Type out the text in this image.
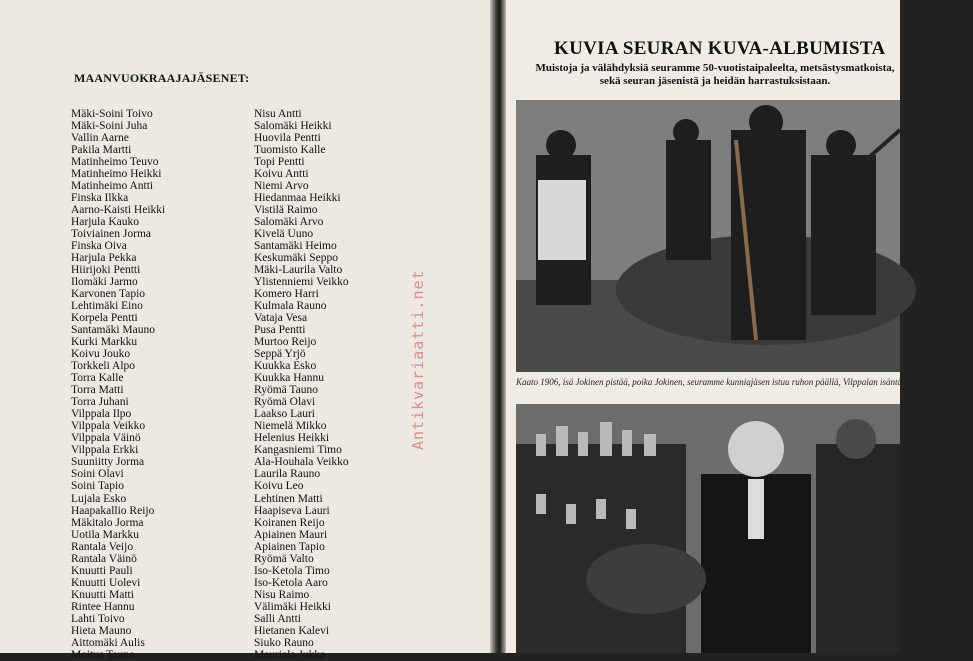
MAANVUOKRAAJAJÄSENET:
Mäki-Soini Toivo
Mäki-Soini Juha
Vallin Aarne
Pakila Martti
Matinheimo Teuvo
Matinheimo Heikki
Matinheimo Antti
Finska Ilkka
Aarno-Kaisti Heikki
Harjula Kauko
Toiviainen Jorma
Finska Oiva
Harjula Pekka
Hiirijoki Pentti
Ilomäki Jarmo
Karvonen Tapio
Lehtimäki Eino
Korpela Pentti
Santamäki Mauno
Kurki Markku
Koivu Jouko
Torkkeli Alpo
Torra Kalle
Torra Matti
Torra Juhani
Vilppala Ilpo
Vilppala Veikko
Vilppala Väinö
Vilppala Erkki
Suuniitty Jorma
Soini Olavi
Soini Tapio
Lujala Esko
Haapakallio Reijo
Mäkitalo Jorma
Uotila Markku
Rantala Veijo
Rantala Väinö
Knuutti Pauli
Knuutti Uolevi
Knuutti Matti
Rintee Hannu
Lahti Toivo
Hieta Mauno
Aittomäki Aulis
Moitus Tauno
Nisu Antti
Salomäki Heikki
Huovila Pentti
Tuomisto Kalle
Topi Pentti
Koivu Antti
Niemi Arvo
Hiedanmaa Heikki
Vistilä Raimo
Salomäki Arvo
Kivelä Uuno
Santamäki Heimo
Keskumäki Seppo
Mäki-Laurila Valto
Ylistenniemi Veikko
Komero Harri
Kulmala Rauno
Vataja Vesa
Pusa Pentti
Murtoo Reijo
Seppä Yrjö
Kuukka Esko
Kuukka Hannu
Ryömä Tauno
Ryömä Olavi
Laakso Lauri
Niemelä Mikko
Helenius Heikki
Kangasniemi Timo
Ala-Houhala Veikko
Laurila Rauno
Koivu Leo
Lehtinen Matti
Haapiseva Lauri
Koiranen Reijo
Apiainen Mauri
Apiainen Tapio
Ryömä Valto
Iso-Ketola Timo
Iso-Ketola Aaro
Nisu Raimo
Välimäki Heikki
Salli Antti
Hietanen Kalevi
Siuko Rauno
Mauriala Jukka
Antikvariaatti.net
KUVIA SEURAN KUVA-ALBUMISTA
Muistoja ja välähdyksiä seuramme 50-vuotistaipaleelta, metsästysmatkoista, sekä seuran jäsenistä ja heidän harrastuksistaan.
Kaato 1906, isä Jokinen pistää, poika Jokinen, seuramme kunniajäsen istuu ruhon päällä, Vilppalan isäntä pitää viinaplaskua.
